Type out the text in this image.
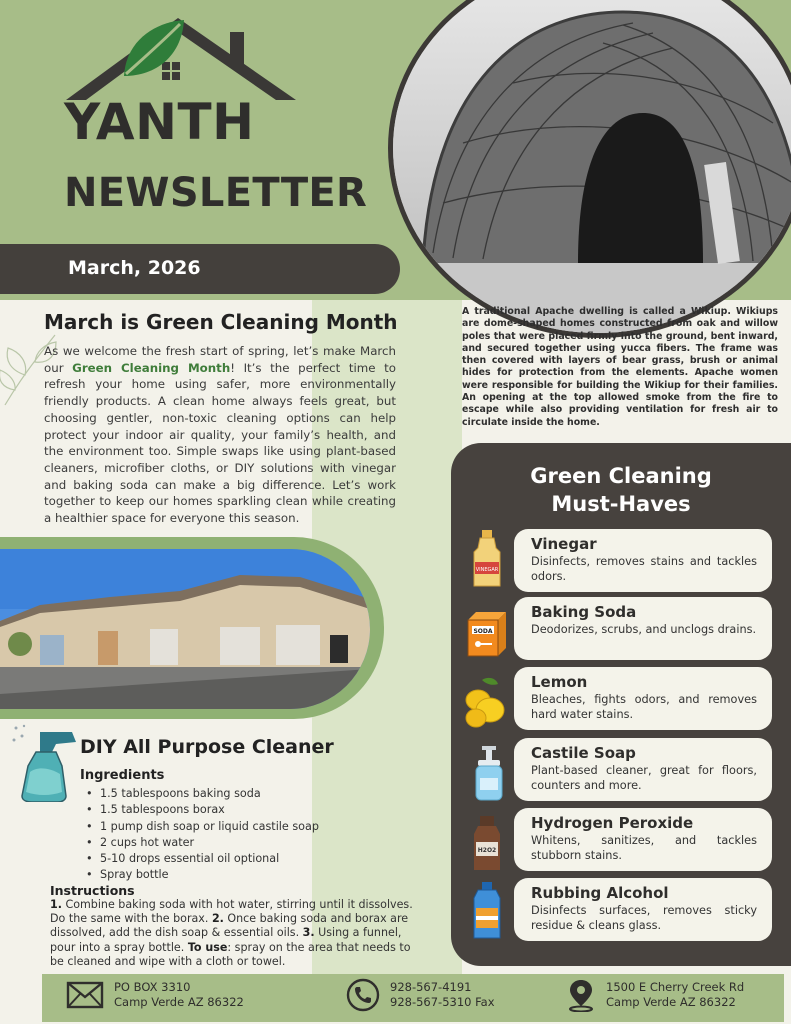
YANTH
NEWSLETTER
March, 2026
A traditional Apache dwelling is called a Wikiup. Wikiups are dome-shaped homes constructed from oak and willow poles that were placed firmly into the ground, bent inward, and secured together using yucca fibers. The frame was then covered with layers of bear grass, brush or animal hides for protection from the elements. Apache women were responsible for building the Wikiup for their families. An opening at the top allowed smoke from the fire to escape while also providing ventilation for fresh air to circulate inside the home.
March is Green Cleaning Month

As we welcome the fresh start of spring, let’s make March our Green Cleaning Month! It’s the perfect time to refresh your home using safer, more environmentally friendly products. A clean home always feels great, but choosing gentler, non-toxic cleaning options can help protect your indoor air quality, your family’s health, and the environment too. Simple swaps like using plant-based cleaners, microfiber cloths, or DIY solutions with vinegar and baking soda can make a big difference. Let’s work together to keep our homes sparkling clean while creating a healthier space for everyone this season.

DIY All Purpose Cleaner
Ingredients
• 1.5 tablespoons baking soda
• 1.5 tablespoons borax
• 1 pump dish soap or liquid castile soap
• 2 cups hot water
• 5-10 drops essential oil optional
• Spray bottle
Instructions

1. Combine baking soda with hot water, stirring until it dissolves. Do the same with the borax. 2. Once baking soda and borax are dissolved, add the dish soap & essential oils. 3. Using a funnel, pour into a spray bottle. To use: spray on the area that needs to be cleaned and wipe with a cloth or towel.

Green Cleaning
Must-Haves
VINEGAR
SODA
H2O2
Vinegar
Disinfects, removes stains and tackles odors.
Baking Soda
Deodorizes, scrubs, and unclogs drains.
Lemon
Bleaches, fights odors, and removes hard water stains.
Castile Soap
Plant-based cleaner, great for floors, counters and more.
Hydrogen Peroxide
Whitens, sanitizes, and tackles stubborn stains.
Rubbing Alcohol
Disinfects surfaces, removes sticky residue & cleans glass.
PO BOX 3310
Camp Verde AZ 86322
928-567-4191
928-567-5310 Fax
1500 E Cherry Creek Rd
Camp Verde AZ 86322
